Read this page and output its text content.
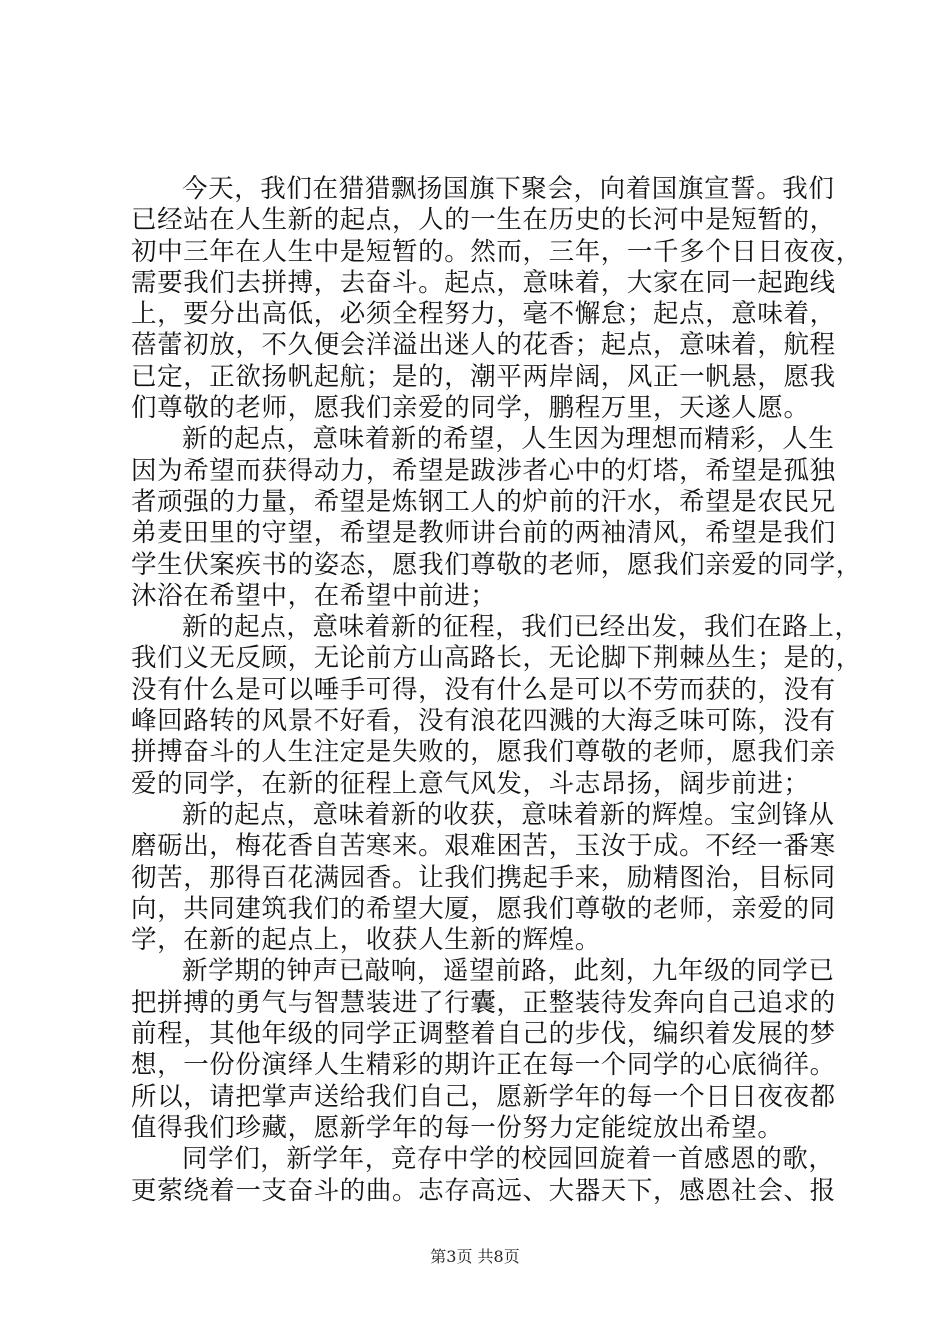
今天，我们在猎猎飘扬国旗下聚会，向着国旗宣誓。我们
已经站在人生新的起点，人的一生在历史的长河中是短暂的，
初中三年在人生中是短暂的。然而，三年，一千多个日日夜夜，
需要我们去拼搏，去奋斗。起点，意味着，大家在同一起跑线
上，要分出高低，必须全程努力，毫不懈怠；起点，意味着，
蓓蕾初放，不久便会洋溢出迷人的花香；起点，意味着，航程
已定，正欲扬帆起航；是的，潮平两岸阔，风正一帆悬，愿我
们尊敬的老师，愿我们亲爱的同学，鹏程万里，天遂人愿。
新的起点，意味着新的希望，人生因为理想而精彩，人生
因为希望而获得动力，希望是跋涉者心中的灯塔，希望是孤独
者顽强的力量，希望是炼钢工人的炉前的汗水，希望是农民兄
弟麦田里的守望，希望是教师讲台前的两袖清风，希望是我们
学生伏案疾书的姿态，愿我们尊敬的老师，愿我们亲爱的同学，
沐浴在希望中，在希望中前进；
新的起点，意味着新的征程，我们已经出发，我们在路上，
我们义无反顾，无论前方山高路长，无论脚下荆棘丛生；是的，
没有什么是可以唾手可得，没有什么是可以不劳而获的，没有
峰回路转的风景不好看，没有浪花四溅的大海乏味可陈，没有
拼搏奋斗的人生注定是失败的，愿我们尊敬的老师，愿我们亲
爱的同学，在新的征程上意气风发，斗志昂扬，阔步前进；
新的起点，意味着新的收获，意味着新的辉煌。宝剑锋从
磨砺出，梅花香自苦寒来。艰难困苦，玉汝于成。不经一番寒
彻苦，那得百花满园香。让我们携起手来，励精图治，目标同
向，共同建筑我们的希望大厦，愿我们尊敬的老师，亲爱的同
学，在新的起点上，收获人生新的辉煌。
新学期的钟声已敲响，遥望前路，此刻，九年级的同学已
把拼搏的勇气与智慧装进了行囊，正整装待发奔向自己追求的
前程，其他年级的同学正调整着自己的步伐，编织着发展的梦
想，一份份演绎人生精彩的期许正在每一个同学的心底徜徉。
所以，请把掌声送给我们自己，愿新学年的每一个日日夜夜都
值得我们珍藏，愿新学年的每一份努力定能绽放出希望。
同学们，新学年，竞存中学的校园回旋着一首感恩的歌，
更萦绕着一支奋斗的曲。志存高远、大器天下，感恩社会、报
第3页 共8页
